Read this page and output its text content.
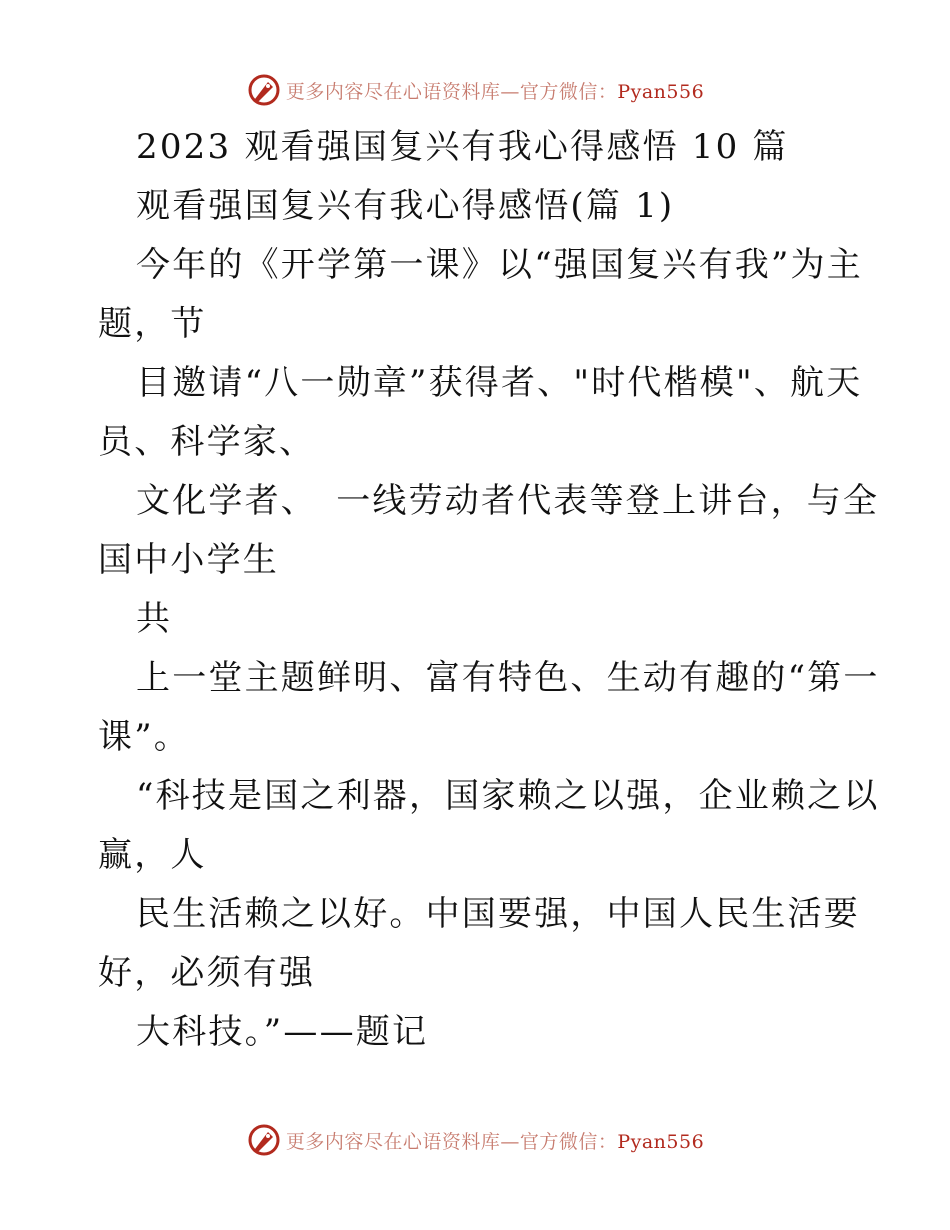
更多内容尽在心语资料库—官方微信：Pyan556
2023 观看强国复兴有我心得感悟 10 篇
观看强国复兴有我心得感悟(篇 1)
今年的《开学第一课》以“强国复兴有我”为主
题，节
目邀请“八一勋章”获得者、"时代楷模"、航天
员、科学家、
文化学者、　一线劳动者代表等登上讲台，与全
国中小学生
共
上一堂主题鲜明、富有特色、生动有趣的“第一
课”。
“科技是国之利器，国家赖之以强，企业赖之以
赢，人
民生活赖之以好。中国要强，中国人民生活要
好，必须有强
大科技。”——题记
更多内容尽在心语资料库—官方微信：Pyan556
